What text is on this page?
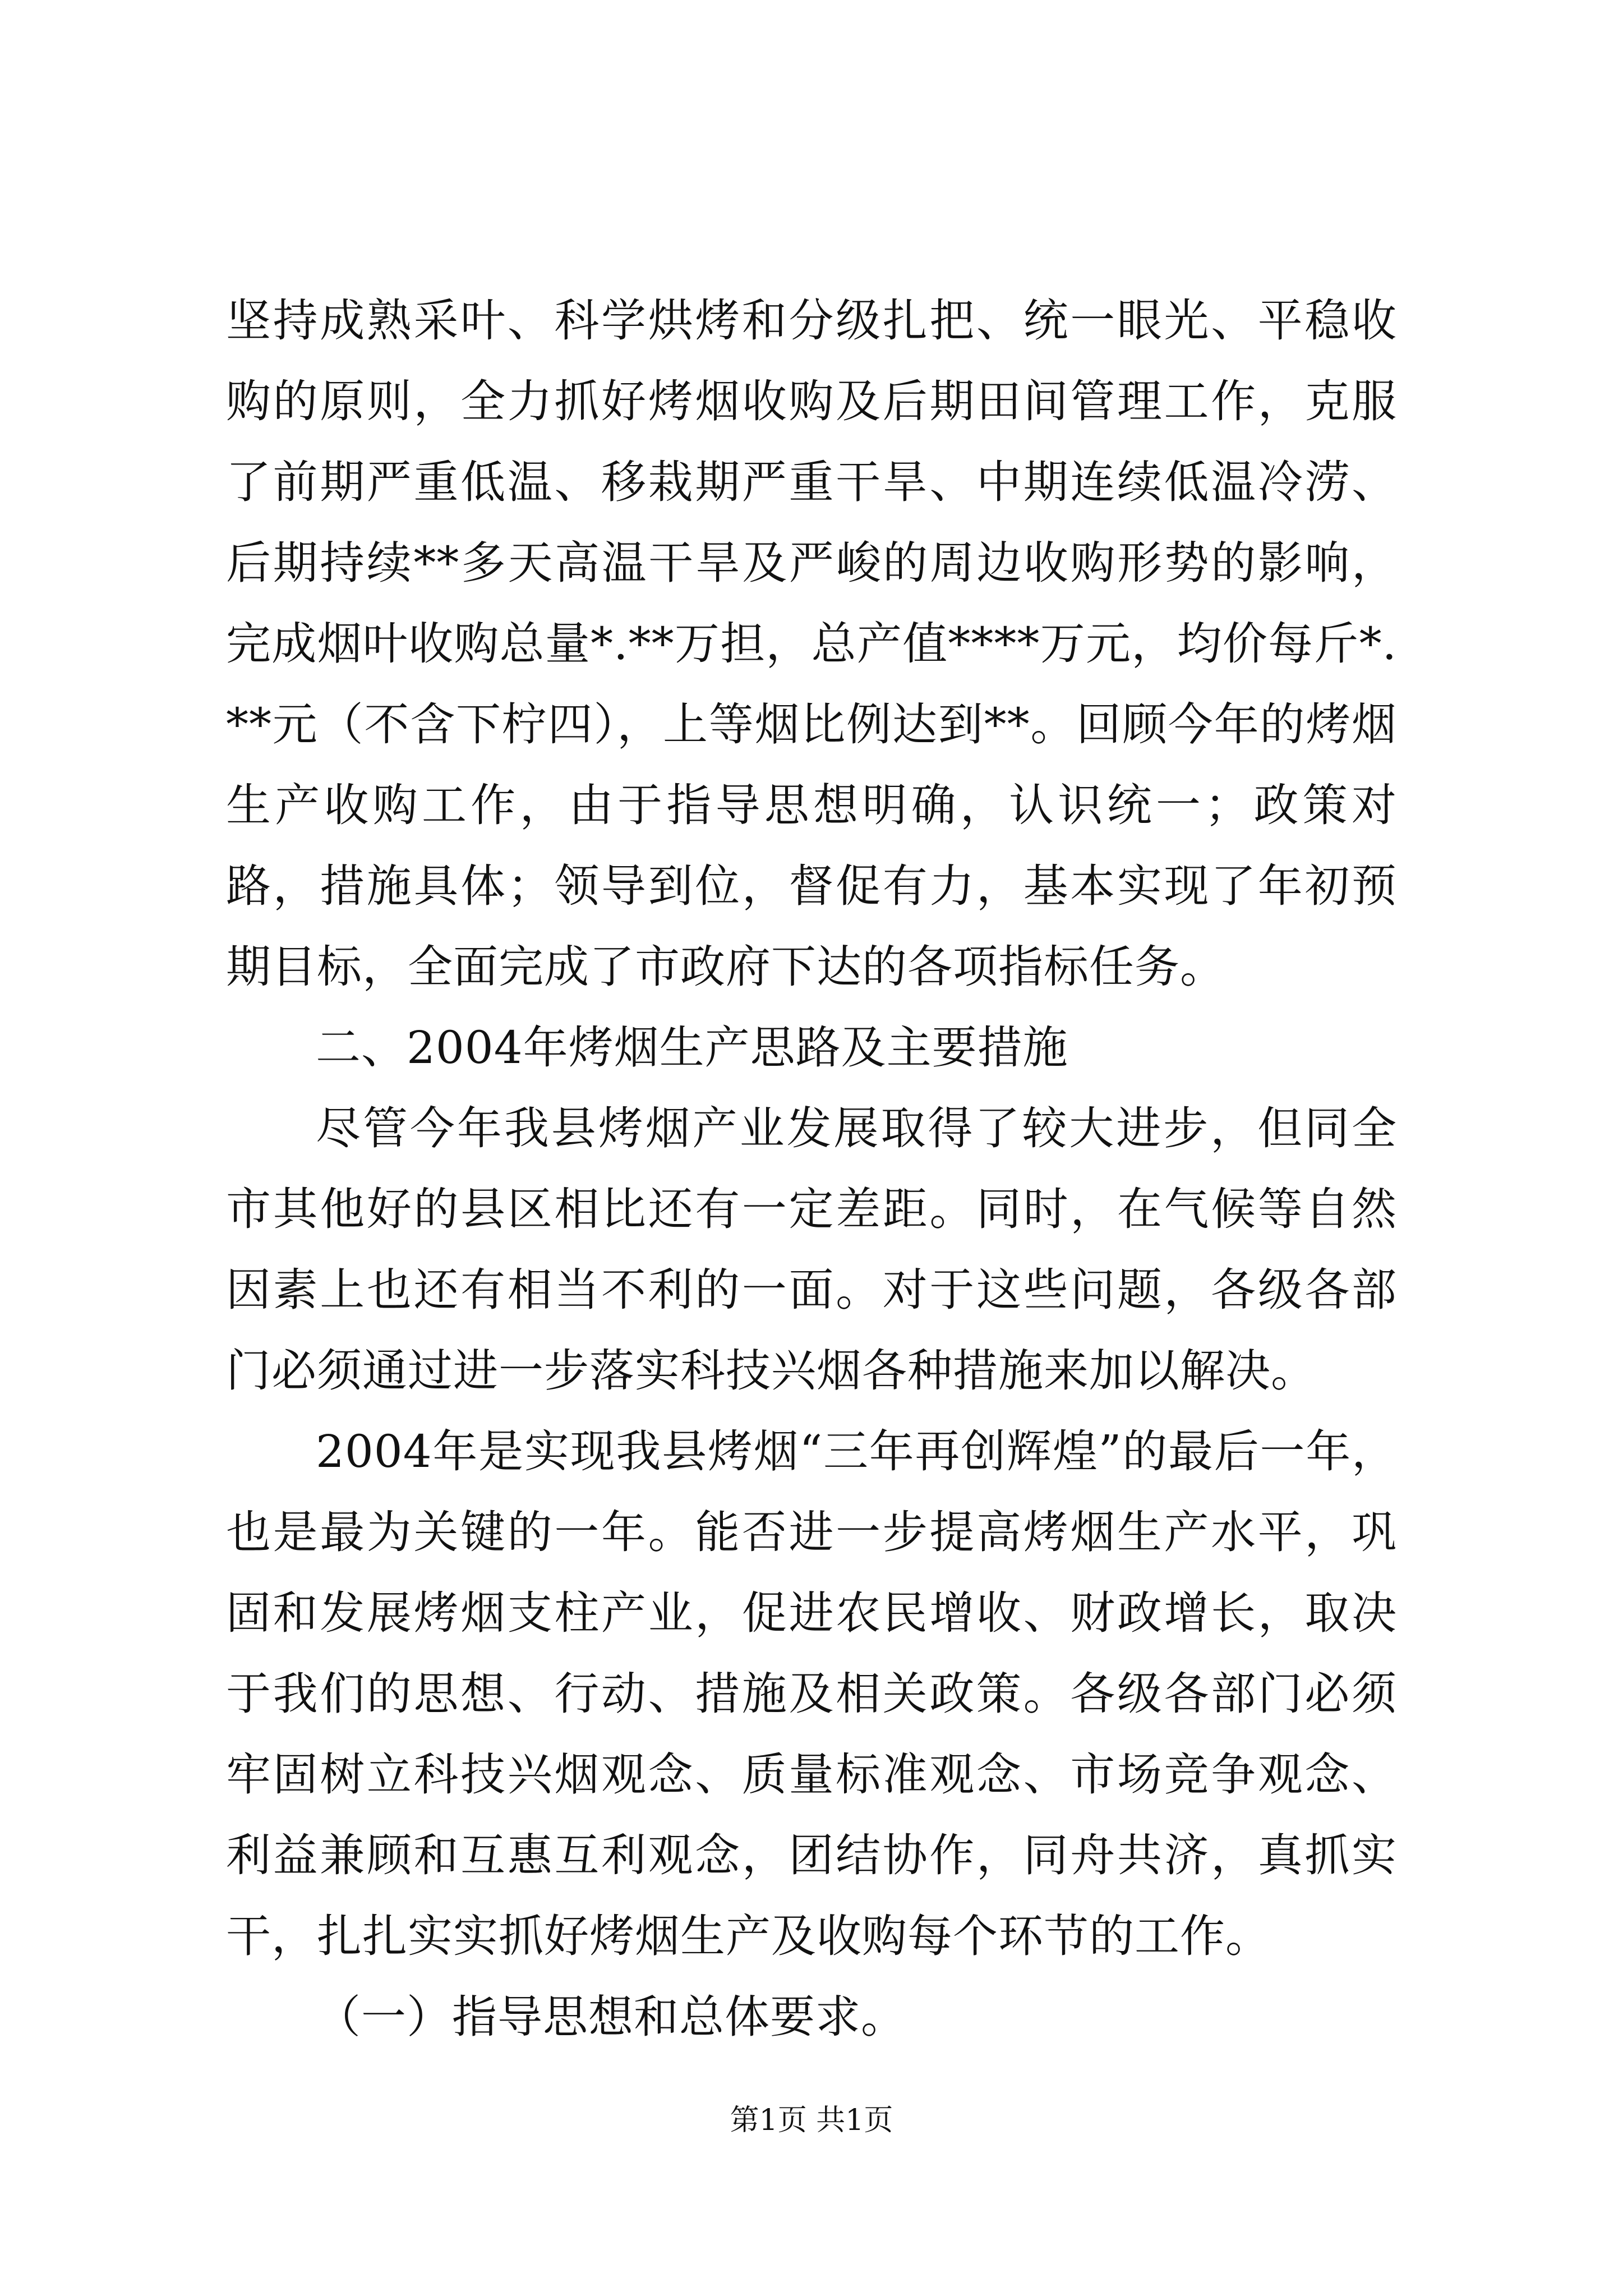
坚持成熟采叶、科学烘烤和分级扎把、统一眼光、平稳收购的原则，全力抓好烤烟收购及后期田间管理工作，克服了前期严重低温、移栽期严重干旱、中期连续低温冷涝、后期持续**多天高温干旱及严峻的周边收购形势的影响，完成烟叶收购总量*.**万担，总产值****万元，均价每斤*.**元（不含下柠四），上等烟比例达到**。回顾今年的烤烟生产收购工作，由于指导思想明确，认识统一；政策对路，措施具体；领导到位，督促有力，基本实现了年初预期目标，全面完成了市政府下达的各项指标任务。

二、2004年烤烟生产思路及主要措施

尽管今年我县烤烟产业发展取得了较大进步，但同全市其他好的县区相比还有一定差距。同时，在气候等自然因素上也还有相当不利的一面。对于这些问题，各级各部门必须通过进一步落实科技兴烟各种措施来加以解决。

2004年是实现我县烤烟“三年再创辉煌”的最后一年，也是最为关键的一年。能否进一步提高烤烟生产水平，巩固和发展烤烟支柱产业，促进农民增收、财政增长，取决于我们的思想、行动、措施及相关政策。各级各部门必须牢固树立科技兴烟观念、质量标准观念、市场竞争观念、利益兼顾和互惠互利观念，团结协作，同舟共济，真抓实干，扎扎实实抓好烤烟生产及收购每个环节的工作。

（一）指导思想和总体要求。

第1页 共1页
